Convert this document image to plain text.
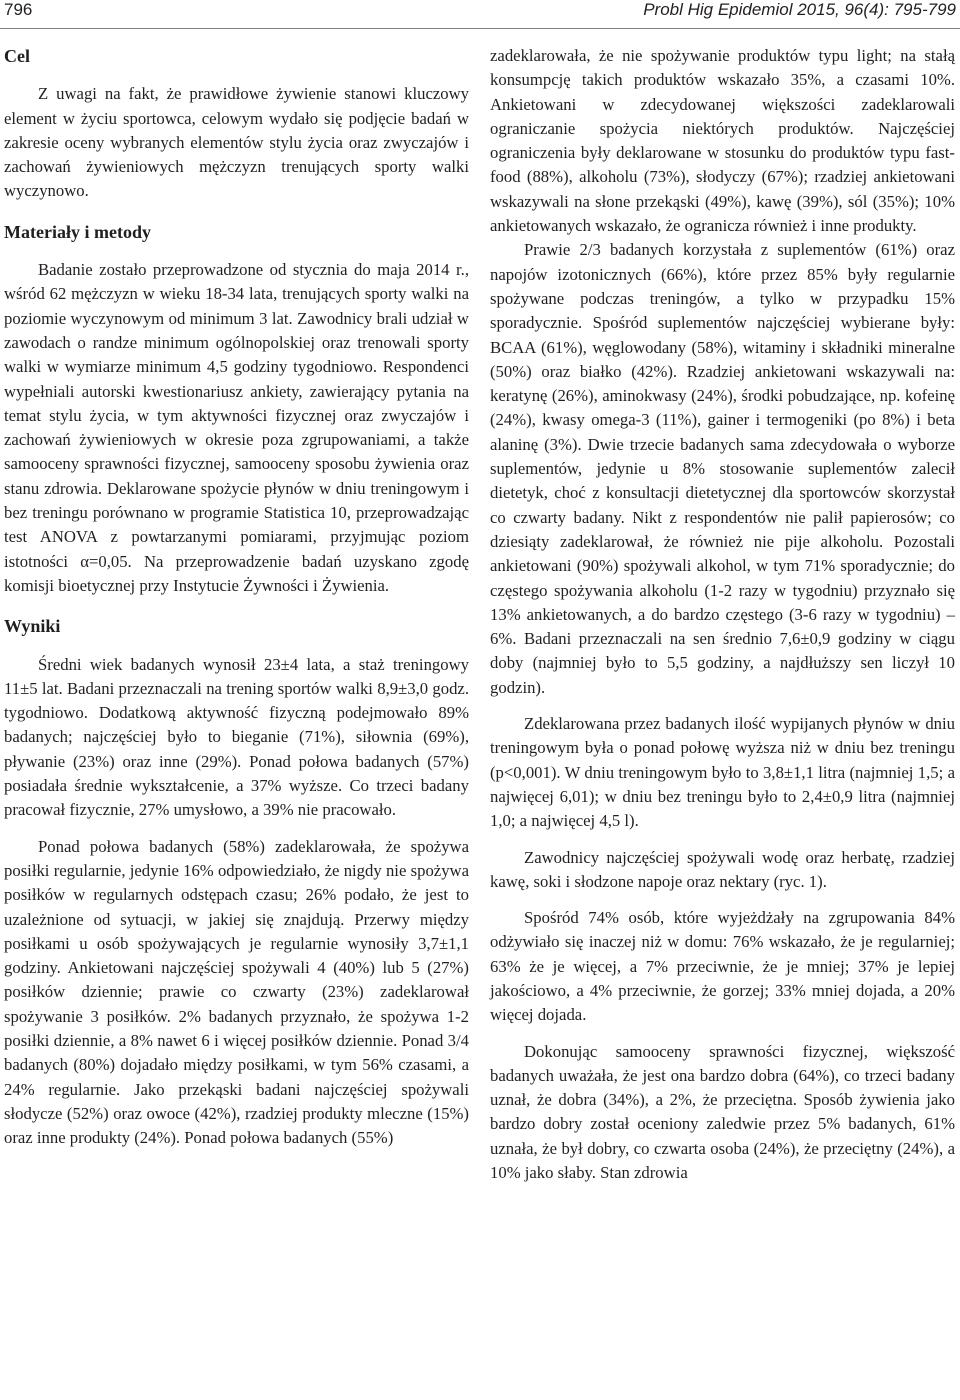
796	Probl Hig Epidemiol 2015, 96(4): 795-799
Cel

Z uwagi na fakt, że prawidłowe żywienie stanowi kluczowy element w życiu sportowca, celowym wydało się podjęcie badań w zakresie oceny wybranych elementów stylu życia oraz zwyczajów i zachowań żywieniowych mężczyzn trenujących sporty walki wyczynowo.

Materiały i metody

Badanie zostało przeprowadzone od stycznia do maja 2014 r., wśród 62 mężczyzn w wieku 18-34 lata, trenujących sporty walki na poziomie wyczynowym od minimum 3 lat. Zawodnicy brali udział w zawodach o randze minimum ogólnopolskiej oraz trenowali sporty walki w wymiarze minimum 4,5 godziny tygodniowo. Respondenci wypełniali autorski kwestionariusz ankiety, zawierający pytania na temat stylu życia, w tym aktywności fizycznej oraz zwyczajów i zachowań żywieniowych w okresie poza zgrupowaniami, a także samooceny sprawności fizycznej, samooceny sposobu żywienia oraz stanu zdrowia. Deklarowane spożycie płynów w dniu treningowym i bez treningu porównano w programie Statistica 10, przeprowadzając test ANOVA z powtarzanymi pomiarami, przyjmując poziom istotności α=0,05. Na przeprowadzenie badań uzyskano zgodę komisji bioetycznej przy Instytucie Żywności i Żywienia.

Wyniki

Średni wiek badanych wynosił 23±4 lata, a staż treningowy 11±5 lat. Badani przeznaczali na trening sportów walki 8,9±3,0 godz. tygodniowo. Dodatkową aktywność fizyczną podejmowało 89% badanych; najczęściej było to bieganie (71%), siłownia (69%), pływanie (23%) oraz inne (29%). Ponad połowa badanych (57%) posiadała średnie wykształcenie, a 37% wyższe. Co trzeci badany pracował fizycznie, 27% umysłowo, a 39% nie pracowało.

Ponad połowa badanych (58%) zadeklarowała, że spożywa posiłki regularnie, jedynie 16% odpowiedziało, że nigdy nie spożywa posiłków w regularnych odstępach czasu; 26% podało, że jest to uzależnione od sytuacji, w jakiej się znajdują. Przerwy między posiłkami u osób spożywających je regularnie wynosiły 3,7±1,1 godziny. Ankietowani najczęściej spożywali 4 (40%) lub 5 (27%) posiłków dziennie; prawie co czwarty (23%) zadeklarował spożywanie 3 posiłków. 2% badanych przyznało, że spożywa 1-2 posiłki dziennie, a 8% nawet 6 i więcej posiłków dziennie. Ponad 3/4 badanych (80%) dojadało między posiłkami, w tym 56% czasami, a 24% regularnie. Jako przekąski badani najczęściej spożywali słodycze (52%) oraz owoce (42%), rzadziej produkty mleczne (15%) oraz inne produkty (24%). Ponad połowa badanych (55%)

zadeklarowała, że nie spożywanie produktów typu light; na stałą konsumpcję takich produktów wskazało 35%, a czasami 10%. Ankietowani w zdecydowanej większości zadeklarowali ograniczanie spożycia niektórych produktów. Najczęściej ograniczenia były deklarowane w stosunku do produktów typu fast-food (88%), alkoholu (73%), słodyczy (67%); rzadziej ankietowani wskazywali na słone przekąski (49%), kawę (39%), sól (35%); 10% ankietowanych wskazało, że ogranicza również i inne produkty.

Prawie 2/3 badanych korzystała z suplementów (61%) oraz napojów izotonicznych (66%), które przez 85% były regularnie spożywane podczas treningów, a tylko w przypadku 15% sporadycznie. Spośród suplementów najczęściej wybierane były: BCAA (61%), węglowodany (58%), witaminy i składniki mineralne (50%) oraz białko (42%). Rzadziej ankietowani wskazywali na: keratynę (26%), aminokwasy (24%), środki pobudzające, np. kofeinę (24%), kwasy omega-3 (11%), gainer i termogeniki (po 8%) i beta alaninę (3%). Dwie trzecie badanych sama zdecydowała o wyborze suplementów, jedynie u 8% stosowanie suplementów zalecił dietetyk, choć z konsultacji dietetycznej dla sportowców skorzystał co czwarty badany. Nikt z respondentów nie palił papierosów; co dziesiąty zadeklarował, że również nie pije alkoholu. Pozostali ankietowani (90%) spożywali alkohol, w tym 71% sporadycznie; do częstego spożywania alkoholu (1-2 razy w tygodniu) przyznało się 13% ankietowanych, a do bardzo częstego (3-6 razy w tygodniu) – 6%. Badani przeznaczali na sen średnio 7,6±0,9 godziny w ciągu doby (najmniej było to 5,5 godziny, a najdłuższy sen liczył 10 godzin).

Zdeklarowana przez badanych ilość wypijanych płynów w dniu treningowym była o ponad połowę wyższa niż w dniu bez treningu (p<0,001). W dniu treningowym było to 3,8±1,1 litra (najmniej 1,5; a najwięcej 6,01); w dniu bez treningu było to 2,4±0,9 litra (najmniej 1,0; a najwięcej 4,5 l).

Zawodnicy najczęściej spożywali wodę oraz herbatę, rzadziej kawę, soki i słodzone napoje oraz nektary (ryc. 1).

Spośród 74% osób, które wyjeżdżały na zgrupowania 84% odżywiało się inaczej niż w domu: 76% wskazało, że je regularniej; 63% że je więcej, a 7% przeciwnie, że je mniej; 37% je lepiej jakościowo, a 4% przeciwnie, że gorzej; 33% mniej dojada, a 20% więcej dojada.

Dokonując samooceny sprawności fizycznej, większość badanych uważała, że jest ona bardzo dobra (64%), co trzeci badany uznał, że dobra (34%), a 2%, że przeciętna. Sposób żywienia jako bardzo dobry został oceniony zaledwie przez 5% badanych, 61% uznała, że był dobry, co czwarta osoba (24%), że przeciętny (24%), a 10% jako słaby. Stan zdrowia
